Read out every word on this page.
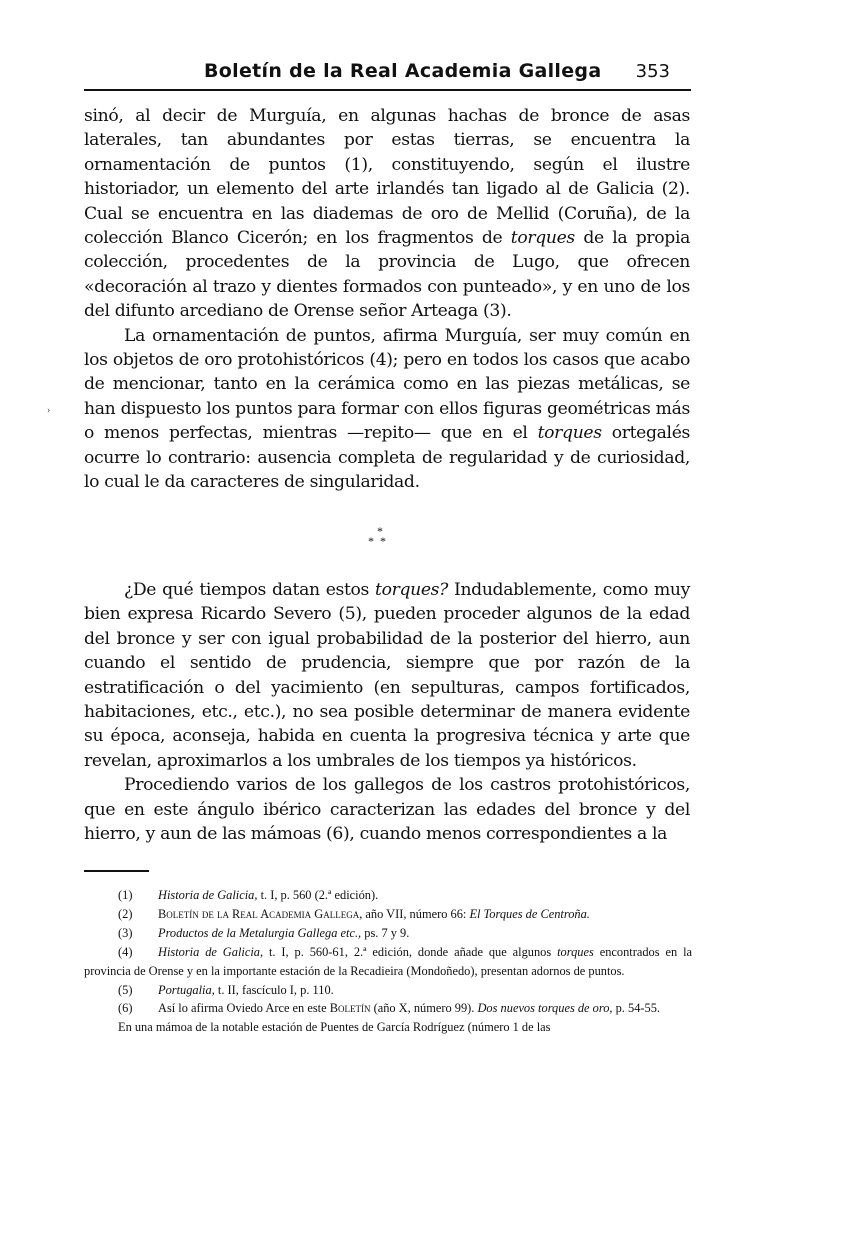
Boletín de la Real Academia Gallega 353
›

sinó, al decir de Murguía, en algunas hachas de bronce de asas laterales, tan abundantes por estas tierras, se encuentra la ornamentación de puntos (1), constituyendo, según el ilustre historiador, un elemento del arte irlandés tan ligado al de Galicia (2). Cual se encuentra en las diademas de oro de Mellid (Coruña), de la colección Blanco Cicerón; en los fragmentos de torques de la propia colección, procedentes de la provincia de Lugo, que ofrecen «decoración al trazo y dientes formados con punteado», y en uno de los del difunto arcediano de Orense señor Arteaga (3).

La ornamentación de puntos, afirma Murguía, ser muy común en los objetos de oro protohistóricos (4); pero en todos los casos que acabo de mencionar, tanto en la cerámica como en las piezas metálicas, se han dispuesto los puntos para formar con ellos figuras geométricas más o menos perfectas, mientras —repito— que en el torques ortegalés ocurre lo contrario: ausencia completa de regularidad y de curiosidad, lo cual le da caracteres de singularidad.

*
**

¿De qué tiempos datan estos torques? Indudablemente, como muy bien expresa Ricardo Severo (5), pueden proceder algunos de la edad del bronce y ser con igual probabilidad de la posterior del hierro, aun cuando el sentido de prudencia, siempre que por razón de la estratificación o del yacimiento (en sepulturas, campos fortificados, habitaciones, etc., etc.), no sea posible determinar de manera evidente su época, aconseja, habida en cuenta la progresiva técnica y arte que revelan, aproximarlos a los umbrales de los tiempos ya históricos.

Procediendo varios de los gallegos de los castros protohistóricos, que en este ángulo ibérico caracterizan las edades del bronce y del hierro, y aun de las mámoas (6), cuando menos correspondientes a la

(1) Historia de Galicia, t. I, p. 560 (2.ª edición).

(2) Boletín de la Real Academia Gallega, año VII, número 66: El Torques de Centroña.

(3) Productos de la Metalurgia Gallega etc., ps. 7 y 9.

(4) Historia de Galicia, t. I, p. 560-61, 2.ª edición, donde añade que algunos torques encontrados en la provincia de Orense y en la importante estación de la Recadieira (Mondoñedo), presentan adornos de puntos.

(5) Portugalia, t. II, fascículo I, p. 110.

(6) Así lo afirma Oviedo Arce en este Boletín (año X, número 99). Dos nuevos torques de oro, p. 54-55.

En una mámoa de la notable estación de Puentes de García Rodríguez (número 1 de las
